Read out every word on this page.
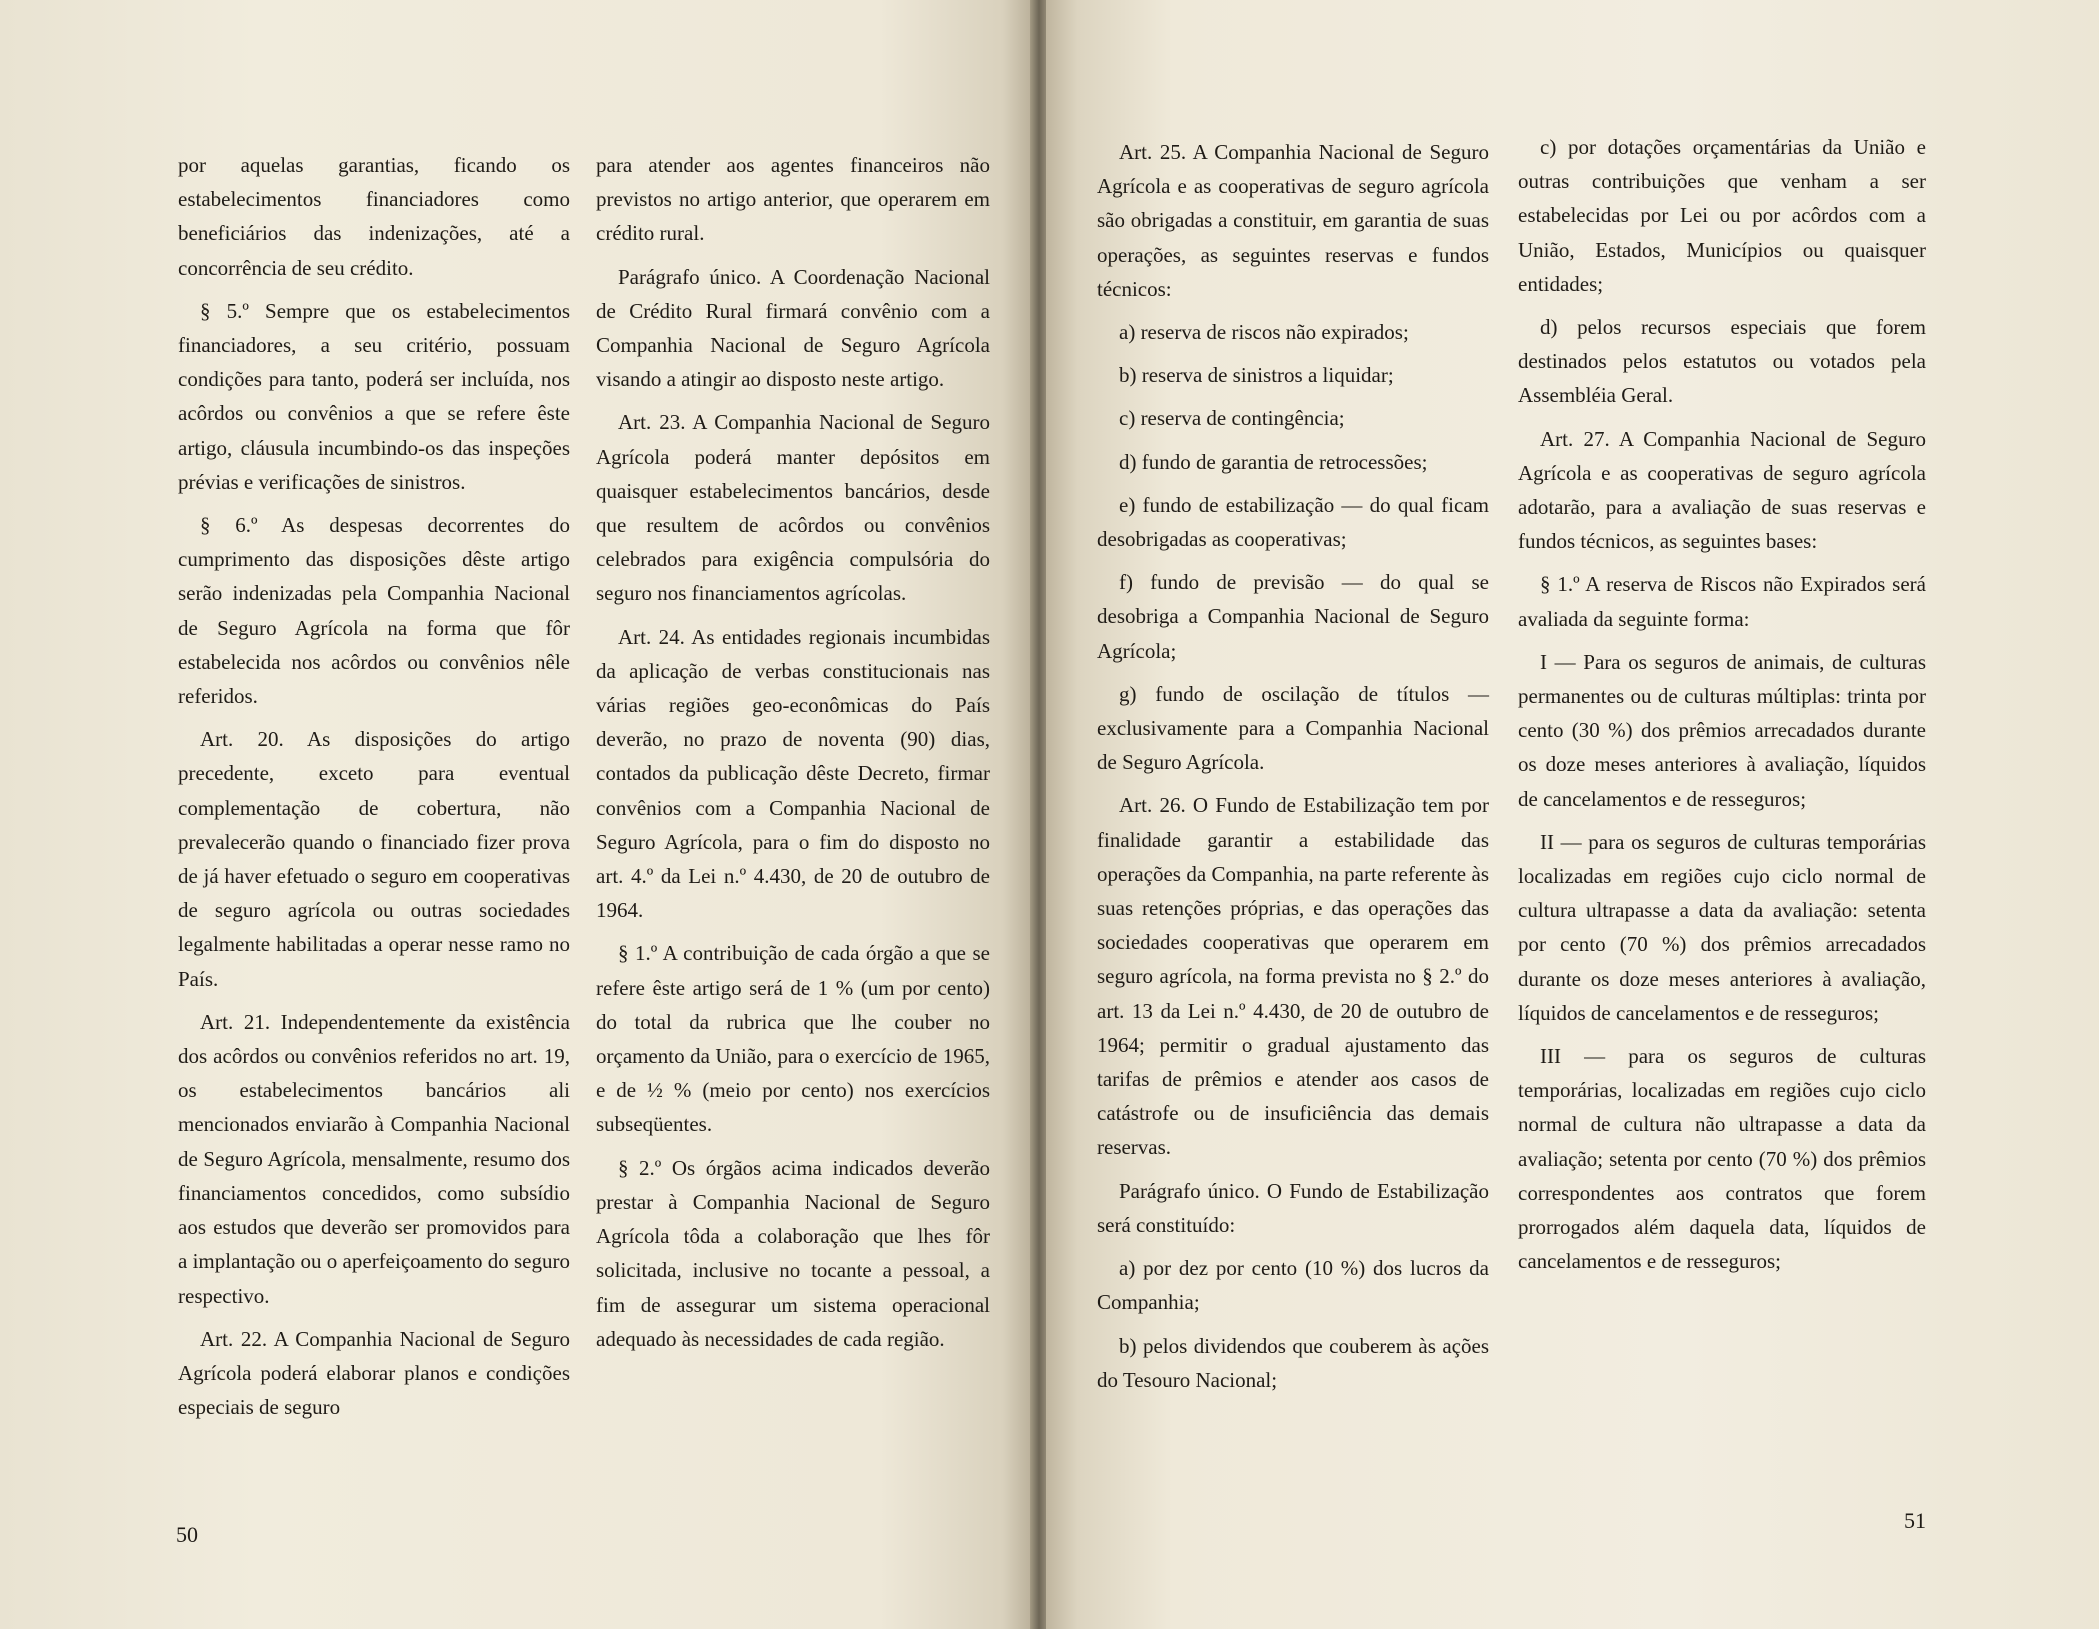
por aquelas garantias, ficando os estabelecimentos financiadores como beneficiários das indenizações, até a concorrência de seu crédito.

§ 5.º Sempre que os estabelecimentos financiadores, a seu critério, possuam condições para tanto, poderá ser incluída, nos acôrdos ou convênios a que se refere êste artigo, cláusula incumbindo-os das inspeções prévias e verificações de sinistros.

§ 6.º As despesas decorrentes do cumprimento das disposições dêste artigo serão indenizadas pela Companhia Nacional de Seguro Agrícola na forma que fôr estabelecida nos acôrdos ou convênios nêle referidos.

Art. 20. As disposições do artigo precedente, exceto para eventual complementação de cobertura, não prevalecerão quando o financiado fizer prova de já haver efetuado o seguro em cooperativas de seguro agrícola ou outras sociedades legalmente habilitadas a operar nesse ramo no País.

Art. 21. Independentemente da existência dos acôrdos ou convênios referidos no art. 19, os estabelecimentos bancários ali mencionados enviarão à Companhia Nacional de Seguro Agrícola, mensalmente, resumo dos financiamentos concedidos, como subsídio aos estudos que deverão ser promovidos para a implantação ou o aperfeiçoamento do seguro respectivo.

Art. 22. A Companhia Nacional de Seguro Agrícola poderá elaborar planos e condições especiais de seguro

para atender aos agentes financeiros não previstos no artigo anterior, que operarem em crédito rural.

Parágrafo único. A Coordenação Nacional de Crédito Rural firmará convênio com a Companhia Nacional de Seguro Agrícola visando a atingir ao disposto neste artigo.

Art. 23. A Companhia Nacional de Seguro Agrícola poderá manter depósitos em quaisquer estabelecimentos bancários, desde que resultem de acôrdos ou convênios celebrados para exigência compulsória do seguro nos financiamentos agrícolas.

Art. 24. As entidades regionais incumbidas da aplicação de verbas constitucionais nas várias regiões geo-econômicas do País deverão, no prazo de noventa (90) dias, contados da publicação dêste Decreto, firmar convênios com a Companhia Nacional de Seguro Agrícola, para o fim do disposto no art. 4.º da Lei n.º 4.430, de 20 de outubro de 1964.

§ 1.º A contribuição de cada órgão a que se refere êste artigo será de 1 % (um por cento) do total da rubrica que lhe couber no orçamento da União, para o exercício de 1965, e de ½ % (meio por cento) nos exercícios subseqüentes.

§ 2.º Os órgãos acima indicados deverão prestar à Companhia Nacional de Seguro Agrícola tôda a colaboração que lhes fôr solicitada, inclusive no tocante a pessoal, a fim de assegurar um sistema operacional adequado às necessidades de cada região.

50

Art. 25. A Companhia Nacional de Seguro Agrícola e as cooperativas de seguro agrícola são obrigadas a constituir, em garantia de suas operações, as seguintes reservas e fundos técnicos:

a) reserva de riscos não expirados;

b) reserva de sinistros a liquidar;

c) reserva de contingência;

d) fundo de garantia de retrocessões;

e) fundo de estabilização — do qual ficam desobrigadas as cooperativas;

f) fundo de previsão — do qual se desobriga a Companhia Nacional de Seguro Agrícola;

g) fundo de oscilação de títulos — exclusivamente para a Companhia Nacional de Seguro Agrícola.

Art. 26. O Fundo de Estabilização tem por finalidade garantir a estabilidade das operações da Companhia, na parte referente às suas retenções próprias, e das operações das sociedades cooperativas que operarem em seguro agrícola, na forma prevista no § 2.º do art. 13 da Lei n.º 4.430, de 20 de outubro de 1964; permitir o gradual ajustamento das tarifas de prêmios e atender aos casos de catástrofe ou de insuficiência das demais reservas.

Parágrafo único. O Fundo de Estabilização será constituído:

a) por dez por cento (10 %) dos lucros da Companhia;

b) pelos dividendos que couberem às ações do Tesouro Nacional;

c) por dotações orçamentárias da União e outras contribuições que venham a ser estabelecidas por Lei ou por acôrdos com a União, Estados, Municípios ou quaisquer entidades;

d) pelos recursos especiais que forem destinados pelos estatutos ou votados pela Assembléia Geral.

Art. 27. A Companhia Nacional de Seguro Agrícola e as cooperativas de seguro agrícola adotarão, para a avaliação de suas reservas e fundos técnicos, as seguintes bases:

§ 1.º A reserva de Riscos não Expirados será avaliada da seguinte forma:

I — Para os seguros de animais, de culturas permanentes ou de culturas múltiplas: trinta por cento (30 %) dos prêmios arrecadados durante os doze meses anteriores à avaliação, líquidos de cancelamentos e de resseguros;

II — para os seguros de culturas temporárias localizadas em regiões cujo ciclo normal de cultura ultrapasse a data da avaliação: setenta por cento (70 %) dos prêmios arrecadados durante os doze meses anteriores à avaliação, líquidos de cancelamentos e de resseguros;

III — para os seguros de culturas temporárias, localizadas em regiões cujo ciclo normal de cultura não ultrapasse a data da avaliação; setenta por cento (70 %) dos prêmios correspondentes aos contratos que forem prorrogados além daquela data, líquidos de cancelamentos e de resseguros;

51
